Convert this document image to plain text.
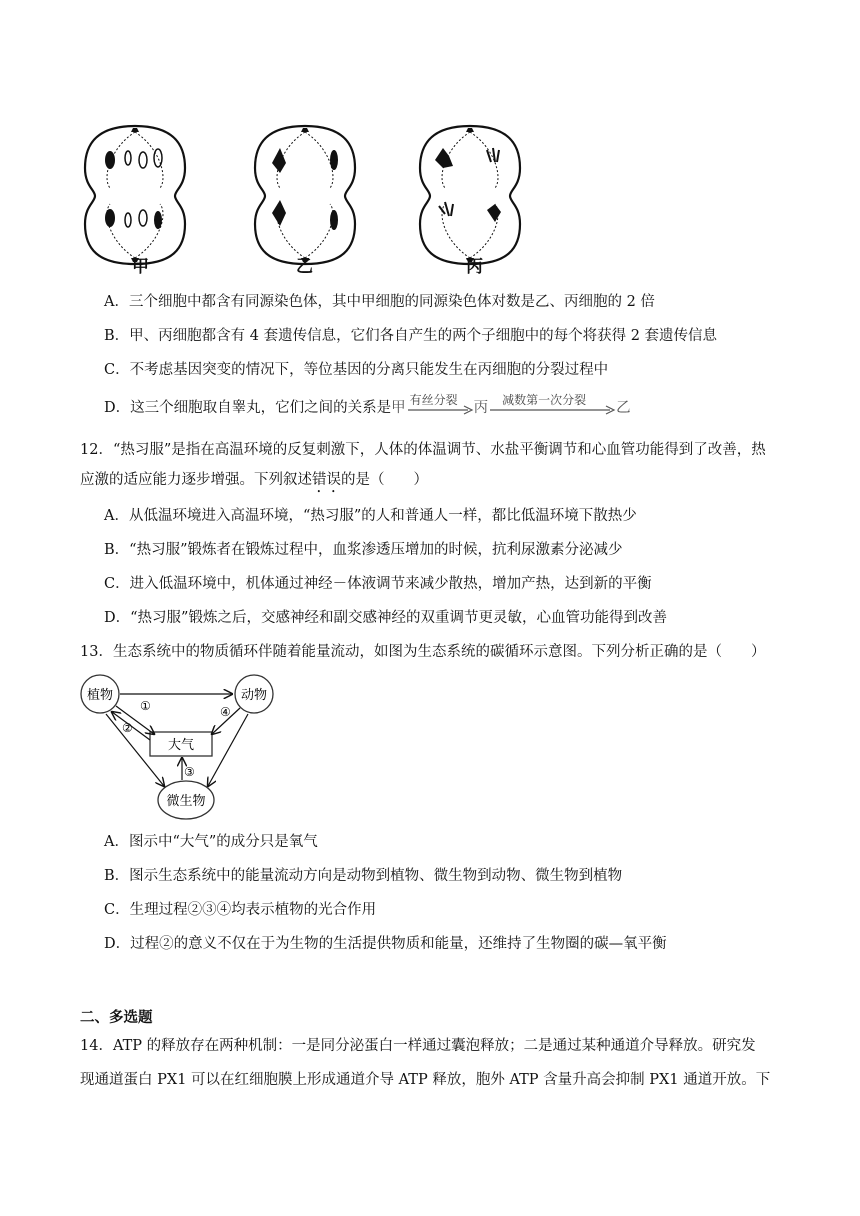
甲	乙	丙
A．三个细胞中都含有同源染色体，其中甲细胞的同源染色体对数是乙、丙细胞的 2 倍
B．甲、丙细胞都含有 4 套遗传信息，它们各自产生的两个子细胞中的每个将获得 2 套遗传信息
C．不考虑基因突变的情况下，等位基因的分离只能发生在丙细胞的分裂过程中
D．这三个细胞取自睾丸，它们之间的关系是 甲 有丝分裂 丙 减数第一次分裂 乙
12．“热习服”是指在高温环境的反复刺激下，人体的体温调节、水盐平衡调节和心血管功能得到了改善，热
应激的适应能力逐步增强。下列叙述错误的是（　　）
A．从低温环境进入高温环境，“热习服”的人和普通人一样，都比低温环境下散热少
B．“热习服”锻炼者在锻炼过程中，血浆渗透压增加的时候，抗利尿激素分泌减少
C．进入低温环境中，机体通过神经－体液调节来减少散热，增加产热，达到新的平衡
D．“热习服”锻炼之后，交感神经和副交感神经的双重调节更灵敏，心血管功能得到改善
13．生态系统中的物质循环伴随着能量流动，如图为生态系统的碳循环示意图。下列分析正确的是（　　）
植物	动物
微生物
大气
①
②
③
④
A．图示中“大气”的成分只是氧气
B．图示生态系统中的能量流动方向是动物到植物、微生物到动物、微生物到植物
C．生理过程②③④均表示植物的光合作用
D．过程②的意义不仅在于为生物的生活提供物质和能量，还维持了生物圈的碳—氧平衡
二、多选题
14．ATP 的释放存在两种机制：一是同分泌蛋白一样通过囊泡释放；二是通过某种通道介导释放。研究发
现通道蛋白 PX1 可以在红细胞膜上形成通道介导 ATP 释放，胞外 ATP 含量升高会抑制 PX1 通道开放。下
